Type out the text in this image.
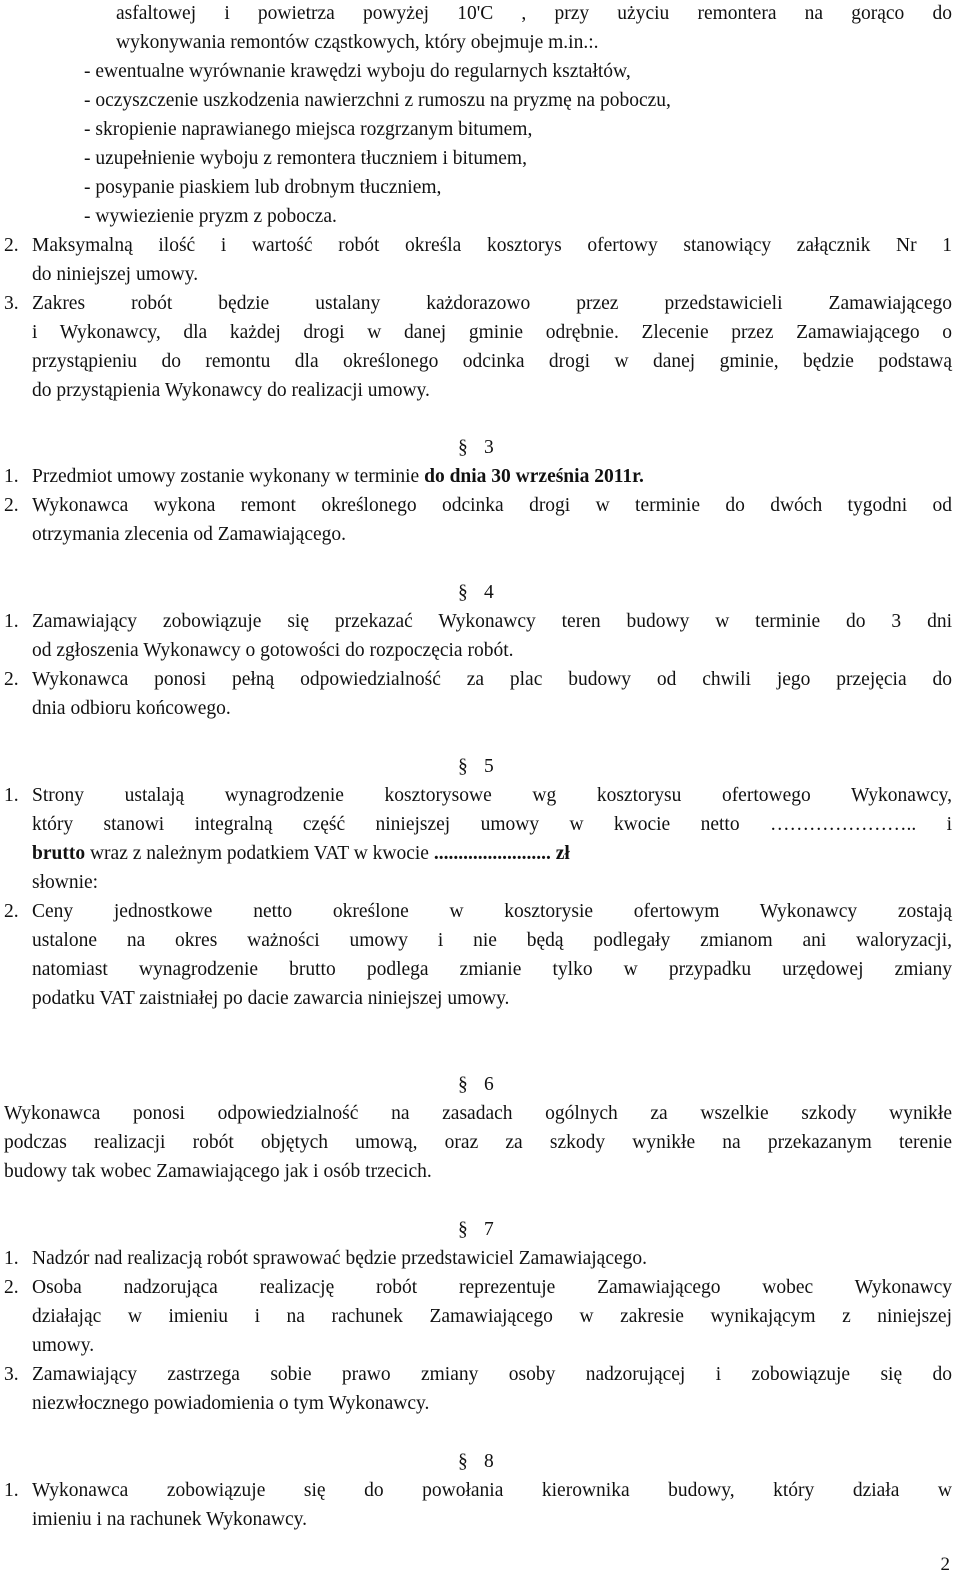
asfaltowej i powietrza powyżej 10'C , przy użyciu remontera na gorąco do
wykonywania remontów cząstkowych, który obejmuje m.in.:.
- ewentualne wyrównanie krawędzi wyboju do regularnych kształtów,
- oczyszczenie uszkodzenia nawierzchni z rumoszu na pryzmę na poboczu,
- skropienie naprawianego miejsca rozgrzanym bitumem,
- uzupełnienie wyboju z remontera tłuczniem i bitumem,
- posypanie piaskiem lub drobnym tłuczniem,
- wywiezienie pryzm z pobocza.
2. Maksymalną ilość i wartość robót określa kosztorys ofertowy stanowiący załącznik Nr 1
do niniejszej umowy.
3. Zakres robót będzie ustalany każdorazowo przez przedstawicieli Zamawiającego
i Wykonawcy, dla każdej drogi w danej gminie odrębnie. Zlecenie przez Zamawiającego o
przystąpieniu do remontu dla określonego odcinka drogi w danej gminie, będzie podstawą
do przystąpienia Wykonawcy do realizacji umowy.
§ 3
1. Przedmiot umowy zostanie wykonany w terminie do dnia 30 września 2011r.
2. Wykonawca wykona remont określonego odcinka drogi w terminie do dwóch tygodni od
otrzymania zlecenia od Zamawiającego.
§ 4
1. Zamawiający zobowiązuje się przekazać Wykonawcy teren budowy w terminie do 3 dni
od zgłoszenia Wykonawcy o gotowości do rozpoczęcia robót.
2. Wykonawca ponosi pełną odpowiedzialność za plac budowy od chwili jego przejęcia do
dnia odbioru końcowego.
§ 5
1. Strony ustalają wynagrodzenie kosztorysowe wg kosztorysu ofertowego Wykonawcy,
który stanowi integralną część niniejszej umowy w kwocie netto ………………….. i
brutto wraz z należnym podatkiem VAT w kwocie ........................ zł
słownie:
2. Ceny jednostkowe netto określone w kosztorysie ofertowym Wykonawcy zostają
ustalone na okres ważności umowy i nie będą podlegały zmianom ani waloryzacji,
natomiast wynagrodzenie brutto podlega zmianie tylko w przypadku urzędowej zmiany
podatku VAT zaistniałej po dacie zawarcia niniejszej umowy.
§ 6
Wykonawca ponosi odpowiedzialność na zasadach ogólnych za wszelkie szkody wynikłe
podczas realizacji robót objętych umową, oraz za szkody wynikłe na przekazanym terenie
budowy tak wobec Zamawiającego jak i osób trzecich.
§ 7
1. Nadzór nad realizacją robót sprawować będzie przedstawiciel Zamawiającego.
2. Osoba nadzorująca realizację robót reprezentuje Zamawiającego wobec Wykonawcy
działając w imieniu i na rachunek Zamawiającego w zakresie wynikającym z niniejszej
umowy.
3. Zamawiający zastrzega sobie prawo zmiany osoby nadzorującej i zobowiązuje się do
niezwłocznego powiadomienia o tym Wykonawcy.
§ 8
1. Wykonawca zobowiązuje się do powołania kierownika budowy, który działa w
imieniu i na rachunek Wykonawcy.
2
